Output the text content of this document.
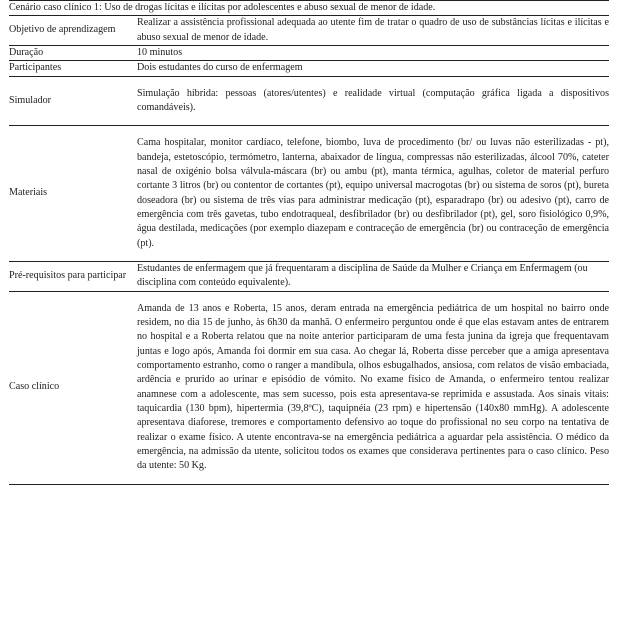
Cenário caso clínico 1: Uso de drogas lícitas e ilícitas por adolescentes e abuso sexual de menor de idade.	
Objetivo de aprendizagem	Realizar a assistência profissional adequada ao utente fim de tratar o quadro de uso de substâncias lícitas e ilícitas e abuso sexual de menor de idade.
Duração	10 minutos
Participantes	Dois estudantes do curso de enfermagem
Simulador	Simulação híbrida: pessoas (atores/utentes) e realidade virtual (computação gráfica ligada a dispositivos comandáveis).
Materiais	Cama hospitalar, monitor cardíaco, telefone, biombo, luva de procedimento (br/ ou luvas não esterilizadas - pt), bandeja, estetoscópio, termómetro, lanterna, abaixador de língua, compressas não esterilizadas, álcool 70%, cateter nasal de oxigénio bolsa válvula-máscara (br) ou ambu (pt), manta térmica, agulhas, coletor de material perfuro cortante 3 litros (br) ou contentor de cortantes (pt), equipo universal macrogotas (br) ou sistema de soros (pt), bureta doseadora (br) ou sistema de três vias para administrar medicação (pt), esparadrapo (br) ou adesivo (pt), carro de emergência com três gavetas, tubo endotraqueal, desfibrilador (br) ou desfibrilador (pt), gel, soro fisiológico 0,9%, água destilada, medicações (por exemplo diazepam e contraceção de emergência (br) ou contraceção de emergência (pt).
Pré-requisitos para participar	Estudantes de enfermagem que já frequentaram a disciplina de Saúde da Mulher e Criança em Enfermagem (ou disciplina com conteúdo equivalente).
Caso clínico	Amanda de 13 anos e Roberta, 15 anos, deram entrada na emergência pediátrica de um hospital no bairro onde residem, no dia 15 de junho, às 6h30 da manhã. O enfermeiro perguntou onde é que elas estavam antes de entrarem no hospital e a Roberta relatou que na noite anterior participaram de uma festa junina da igreja que frequentavam juntas e logo após, Amanda foi dormir em sua casa. Ao chegar lá, Roberta disse perceber que a amiga apresentava comportamento estranho, como o ranger a mandíbula, olhos esbugalhados, ansiosa, com relatos de visão embaciada, ardência e prurido ao urinar e episódio de vómito. No exame físico de Amanda, o enfermeiro tentou realizar anamnese com a adolescente, mas sem sucesso, pois esta apresentava-se reprimida e assustada. Aos sinais vitais: taquicardia (130 bpm), hipertermia (39,8ºC), taquipnéia (23 rpm) e hipertensão (140x80 mmHg). A adolescente apresentava diaforese, tremores e comportamento defensivo ao toque do profissional no seu corpo na tentativa de realizar o exame físico. A utente encontrava-se na emergência pediátrica a aguardar pela assistência. O médico da emergência, na admissão da utente, solicitou todos os exames que considerava pertinentes para o caso clínico. Peso da utente: 50 Kg.
